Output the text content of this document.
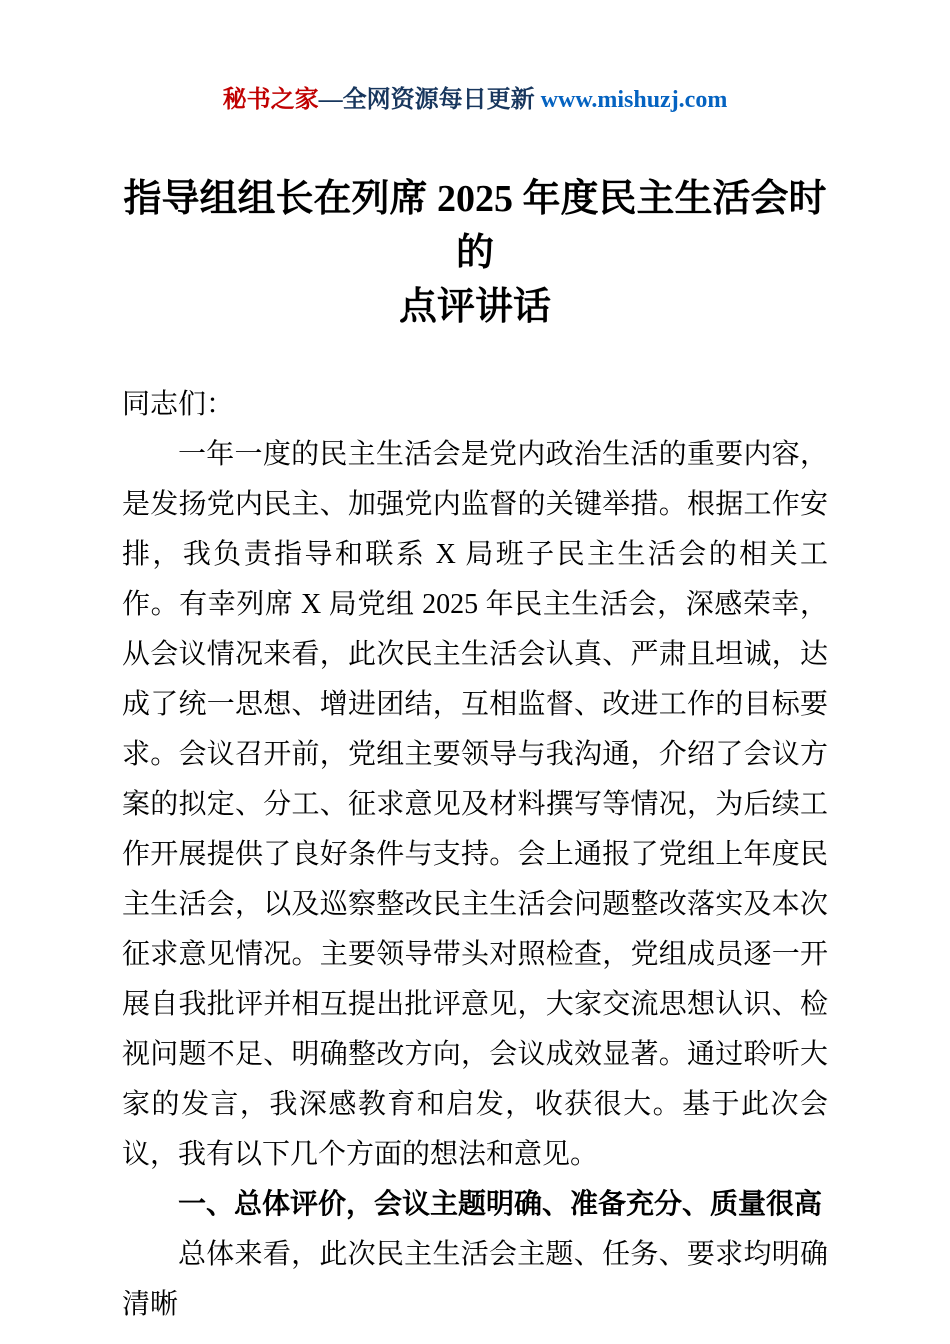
秘书之家—全网资源每日更新 www.mishuzj.com
指导组组长在列席 2025 年度民主生活会时的
点评讲话

同志们：

一年一度的民主生活会是党内政治生活的重要内容，是发扬党内民主、加强党内监督的关键举措。根据工作安排，我负责指导和联系 X 局班子民主生活会的相关工作。有幸列席 X 局党组 2025 年民主生活会，深感荣幸，从会议情况来看，此次民主生活会认真、严肃且坦诚，达成了统一思想、增进团结，互相监督、改进工作的目标要求。会议召开前，党组主要领导与我沟通，介绍了会议方案的拟定、分工、征求意见及材料撰写等情况，为后续工作开展提供了良好条件与支持。会上通报了党组上年度民主生活会，以及巡察整改民主生活会问题整改落实及本次征求意见情况。主要领导带头对照检查，党组成员逐一开展自我批评并相互提出批评意见，大家交流思想认识、检视问题不足、明确整改方向，会议成效显著。通过聆听大家的发言，我深感教育和启发，收获很大。基于此次会议，我有以下几个方面的想法和意见。

一、总体评价，会议主题明确、准备充分、质量很高

总体来看，此次民主生活会主题、任务、要求均明确清晰
